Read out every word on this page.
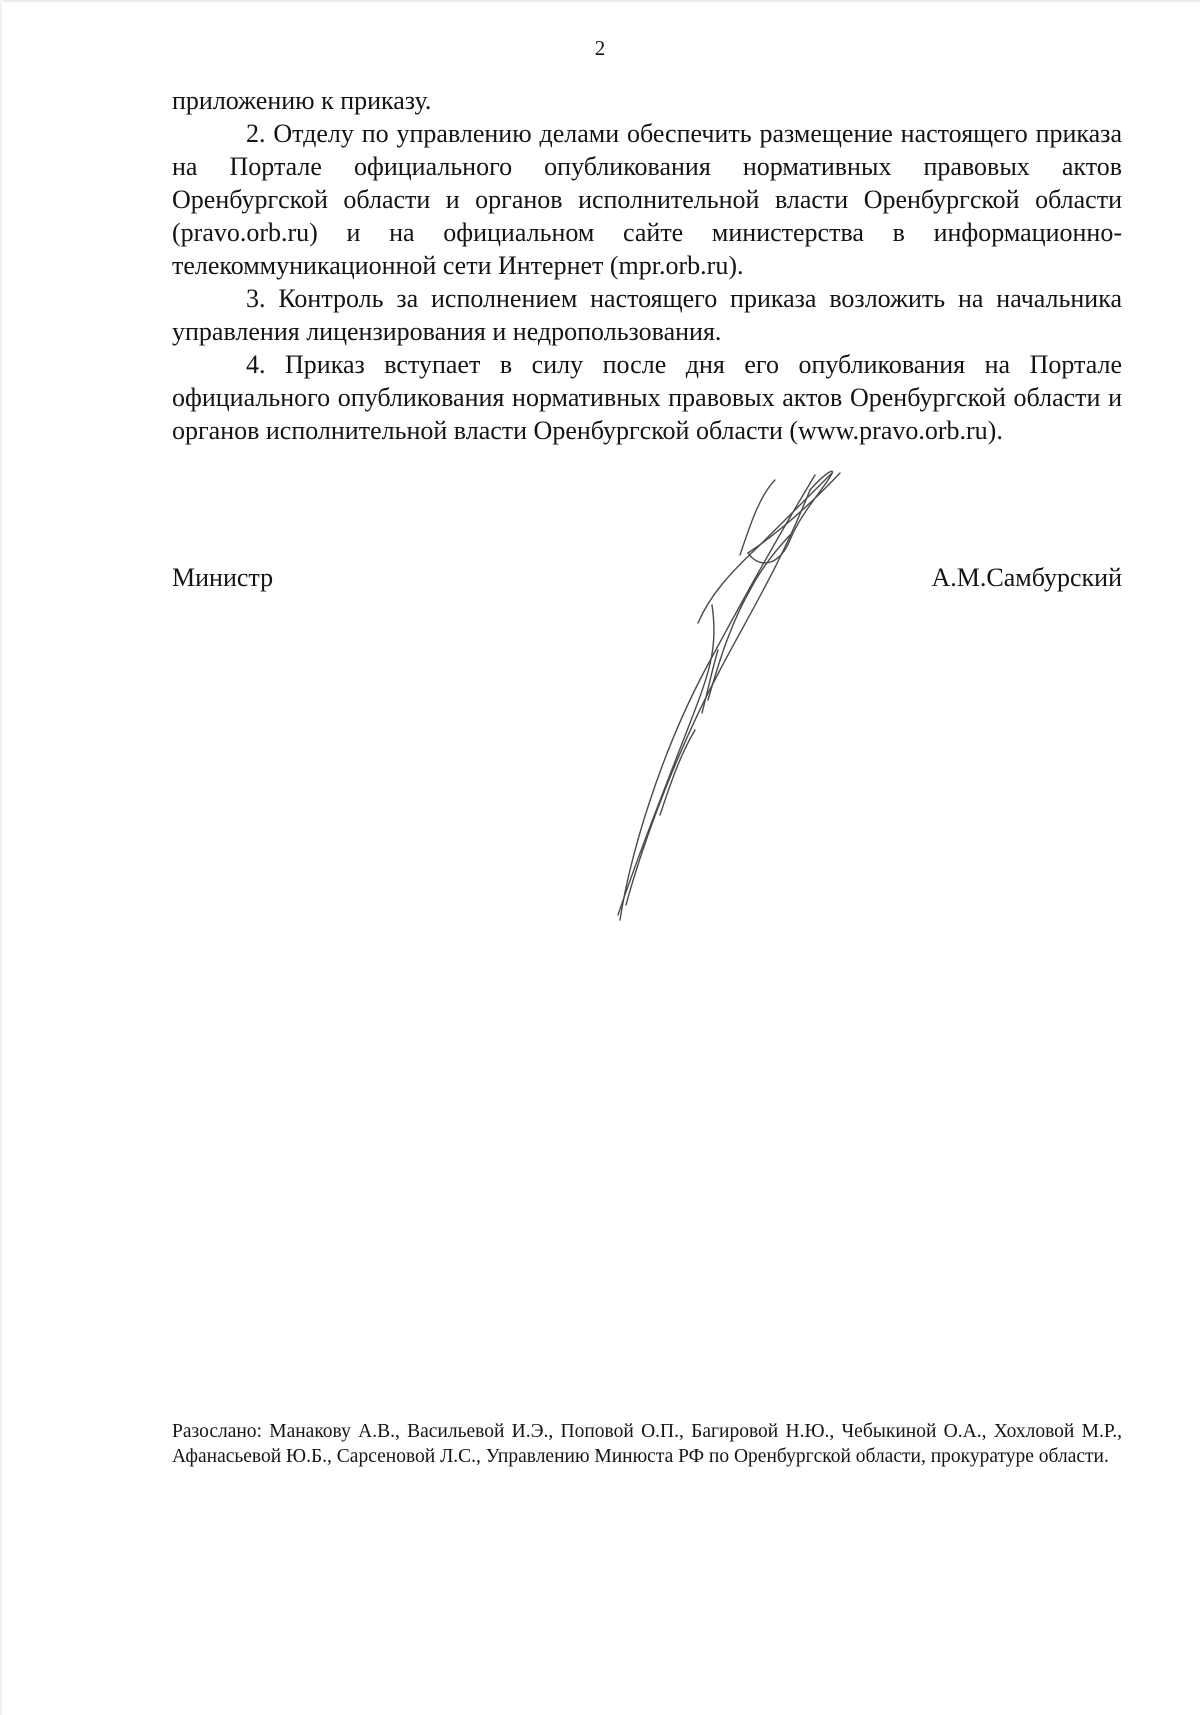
2

приложению к приказу.

2. Отделу по управлению делами обеспечить размещение настоящего приказа на Портале официального опубликования нормативных правовых актов Оренбургской области и органов исполнительной власти Оренбургской области (pravo.orb.ru) и на официальном сайте министерства в информационно-телекоммуникационной сети Интернет (mpr.orb.ru).

3. Контроль за исполнением настоящего приказа возложить на начальника управления лицензирования и недропользования.

4. Приказ вступает в силу после дня его опубликования на Портале официального опубликования нормативных правовых актов Оренбургской области и органов исполнительной власти Оренбургской области (www.pravo.orb.ru).

Министр	А.М.Самбурский
Разослано: Манакову А.В., Васильевой И.Э., Поповой О.П., Багировой Н.Ю., Чебыкиной О.А., Хохловой М.Р., Афанасьевой Ю.Б., Сарсеновой Л.С., Управлению Минюста РФ по Оренбургской области, прокуратуре области.
